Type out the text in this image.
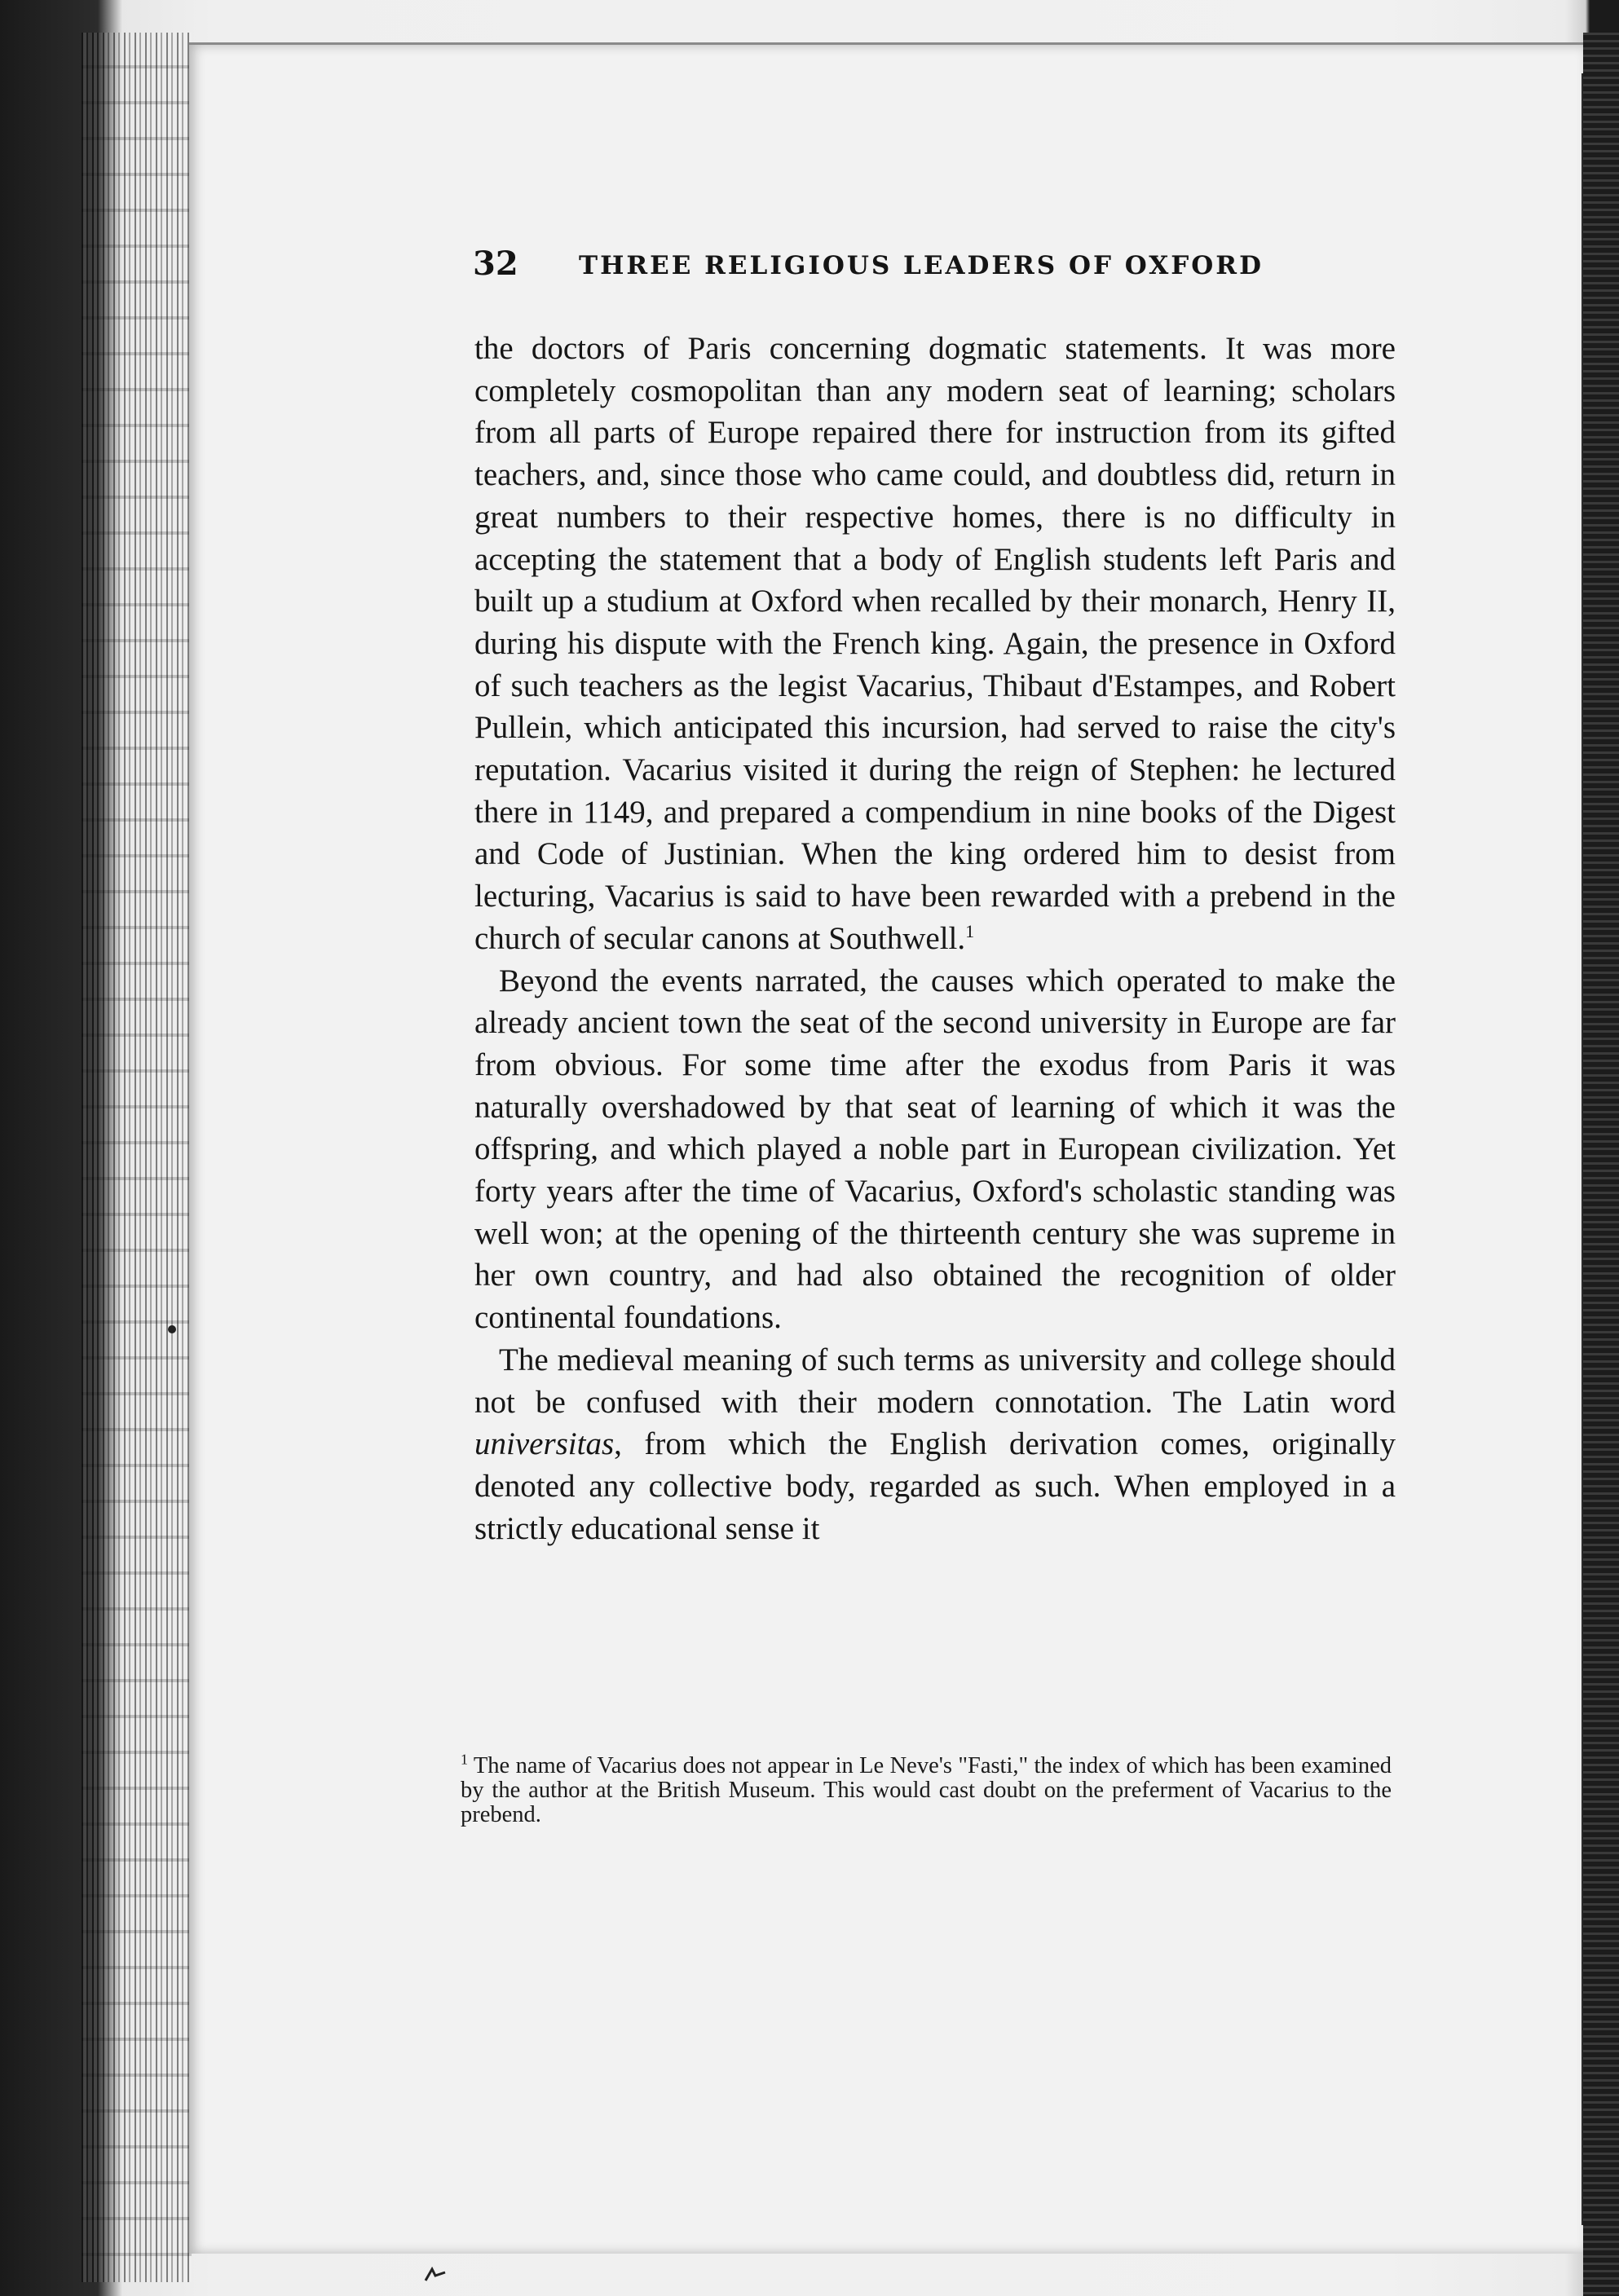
32 THREE RELIGIOUS LEADERS OF OXFORD

the doctors of Paris concerning dogmatic statements. It was more completely cosmopolitan than any modern seat of learning; scholars from all parts of Europe repaired there for instruction from its gifted teachers, and, since those who came could, and doubtless did, return in great numbers to their respective homes, there is no difficulty in accepting the statement that a body of English students left Paris and built up a studium at Oxford when recalled by their monarch, Henry II, during his dispute with the French king. Again, the presence in Oxford of such teachers as the legist Vacarius, Thibaut d'Estampes, and Robert Pullein, which anticipated this incursion, had served to raise the city's reputation. Vacarius visited it during the reign of Stephen: he lectured there in 1149, and prepared a compendium in nine books of the Digest and Code of Justinian. When the king ordered him to desist from lecturing, Vacarius is said to have been rewarded with a prebend in the church of secular canons at Southwell.$^1$

Beyond the events narrated, the causes which operated to make the already ancient town the seat of the second university in Europe are far from obvious. For some time after the exodus from Paris it was naturally overshadowed by that seat of learning of which it was the offspring, and which played a noble part in European civilization. Yet forty years after the time of Vacarius, Oxford's scholastic standing was well won; at the opening of the thirteenth century she was supreme in her own country, and had also obtained the recognition of older continental foundations.

The medieval meaning of such terms as university and college should not be confused with their modern connotation. The Latin word universitas, from which the English derivation comes, originally denoted any collective body, regarded as such. When employed in a strictly educational sense it

$^1$ The name of Vacarius does not appear in Le Neve's "Fasti," the index of which has been examined by the author at the British Museum. This would cast doubt on the preferment of Vacarius to the prebend.
